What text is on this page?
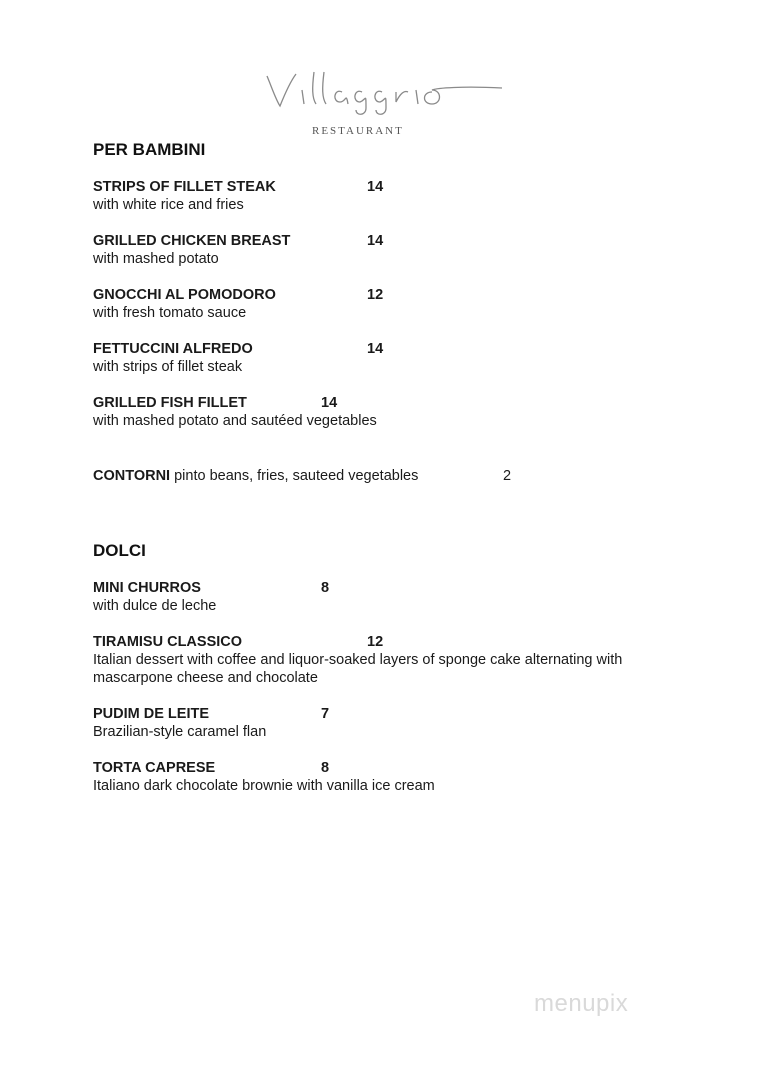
RESTAURANT
PER BAMBINI
STRIPS OF FILLET STEAK	14
with white rice and fries
GRILLED CHICKEN BREAST	14
with mashed potato
GNOCCHI AL POMODORO	12
with fresh tomato sauce
FETTUCCINI ALFREDO	14
with strips of fillet steak
GRILLED FISH FILLET	14
with mashed potato and sautéed vegetables
CONTORNI pinto beans, fries, sauteed vegetables	2
DOLCI
MINI CHURROS	8
with dulce de leche
TIRAMISU CLASSICO	12
Italian dessert with coffee and liquor-soaked layers of sponge cake alternating with mascarpone cheese and chocolate
PUDIM DE LEITE	7
Brazilian-style caramel flan
TORTA CAPRESE	8
Italiano dark chocolate brownie with vanilla ice cream
menupix
